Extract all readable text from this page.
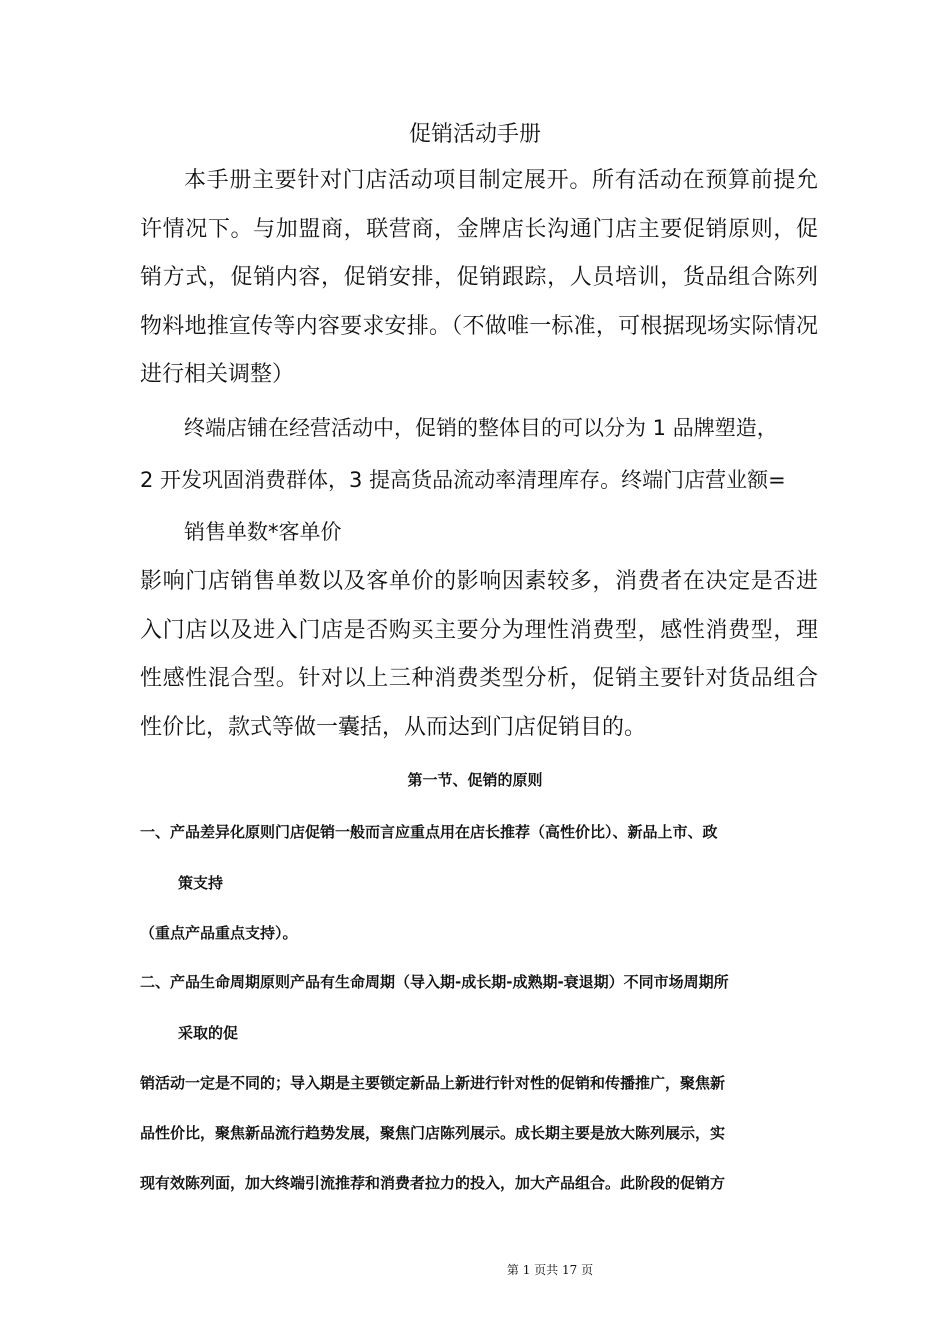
促销活动手册

本手册主要针对门店活动项目制定展开。所有活动在预算前提允许情况下。与加盟商，联营商，金牌店长沟通门店主要促销原则，促销方式，促销内容，促销安排，促销跟踪，人员培训，货品组合陈列物料地推宣传等内容要求安排。（不做唯一标准，可根据现场实际情况进行相关调整）

终端店铺在经营活动中，促销的整体目的可以分为 1 品牌塑造，
2 开发巩固消费群体，3 提高货品流动率清理库存。终端门店营业额=
销售单数*客单价

影响门店销售单数以及客单价的影响因素较多，消费者在决定是否进入门店以及进入门店是否购买主要分为理性消费型，感性消费型，理性感性混合型。针对以上三种消费类型分析，促销主要针对货品组合性价比，款式等做一囊括，从而达到门店促销目的。

第一节、促销的原则
一、产品差异化原则门店促销一般而言应重点用在店长推荐（高性价比）、新品上市、政
策支持
（重点产品重点支持）。
二、产品生命周期原则产品有生命周期（导入期-成长期-成熟期-衰退期）不同市场周期所
采取的促
销活动一定是不同的；导入期是主要锁定新品上新进行针对性的促销和传播推广，聚焦新
品性价比，聚焦新品流行趋势发展，聚焦门店陈列展示。成长期主要是放大陈列展示，实
现有效陈列面，加大终端引流推荐和消费者拉力的投入，加大产品组合。此阶段的促销方
第 1 页共 17 页
